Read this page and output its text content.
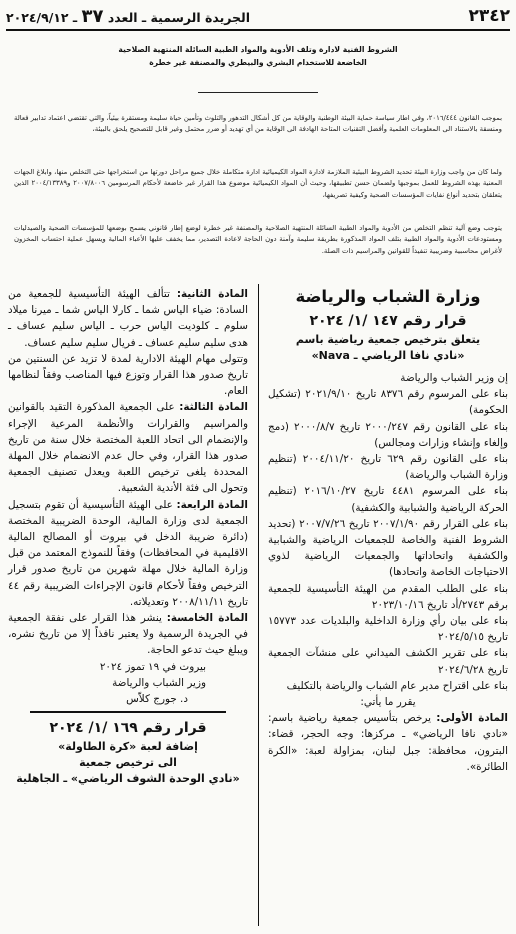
٢٣٤٢
الجريدة الرسمية ـ العدد ٣٧ ـ ٢٠٢٤/٩/١٢
الشروط الفنية لادارة وتلف الأدوية والمواد الطبية السائلة المنتهية الصلاحية
الخاضعة للاستخدام البشري والبيطري والمصنفة غير خطرة

بموجب القانون ٢٠١٦/٤٤٤، وفي اطار سياسة حماية البيئة الوطنية والوقاية من كل أشكال التدهور والتلوث وتأمين حياة سليمة ومستقرة بيئياً، والتي تقتضي اعتماد تدابير فعالة ومنسقة بالاستناد الى المعلومات العلمية وأفضل التقنيات المتاحة الهادفة الى الوقاية من أي تهديد أو ضرر محتمل وغير قابل للتصحيح يلحق بالبيئة،

ولما كان من واجب وزارة البيئة تحديد الشروط البيئية الملازمة لادارة المواد الكيميائية ادارة متكاملة خلال جميع مراحل دورتها من استخراجها حتى التخلص منها، وابلاغ الجهات المعنية بهذه الشروط للعمل بموجبها ولضمان حسن تطبيقها، وحيث أن المواد الكيميائية موضوع هذا القرار غير خاضعة لأحكام المرسومين ٢٠٠٧/٨٠٠٦ و٢٠٠٤/١٣٣٨٩ الذين يتعلقان بتحديد أنواع نفايات المؤسسات الصحية وكيفية تصريفها،

يتوجب وضع آلية تنظم التخلص من الأدوية والمواد الطبية السائلة المنتهية الصلاحية والمصنفة غير خطرة لوضع إطار قانوني يسمح بوضعها للمؤسسات الصحية والصيدليات ومستودعات الأدوية والمواد الطبية بتلف المواد المذكورة بطريقة سليمة وآمنة دون الحاجة لاعادة التصدير، مما يخفف عليها الأعباء المالية ويسهل عملية احتساب المخزون لأغراض محاسبية وضريبية تنفيذاً للقوانين والمراسيم ذات الصلة.

وزارة الشباب والرياضة
قرار رقم ١٤٧ /١/ ٢٠٢٤
يتعلق بترخيص جمعية رياضية باسم
«نادي نافا الرياضي ـ Nava»

إن وزير الشباب والرياضة

بناء على المرسوم رقم ٨٣٧٦ تاريخ ٢٠٢١/٩/١٠ (تشكيل الحكومة)

بناء على القانون رقم ٢٠٠٠/٢٤٧ تاريخ ٢٠٠٠/٨/٧ (دمج وإلغاء وإنشاء وزارات ومجالس)

بناء على القانون رقم ٦٢٩ تاريخ ٢٠٠٤/١١/٢٠ (تنظيم وزارة الشباب والرياضة)

بناء على المرسوم ٤٤٨١ تاريخ ٢٠١٦/١٠/٢٧ (تنظيم الحركة الرياضية والشبابية والكشفية)

بناء على القرار رقم ٢٠٠٧/١/٩٠ تاريخ ٢٠٠٧/٧/٢٦ (تحديد الشروط الفنية والخاصة للجمعيات الرياضية والشبابية والكشفية واتحاداتها والجمعيات الرياضية لذوي الاحتياجات الخاصة واتحادها)

بناء على الطلب المقدم من الهيئة التأسيسية للجمعية برقم ٢٧٤٣/أد تاريخ ٢٠٢٣/١٠/١٦

بناء على بيان رأي وزارة الداخلية والبلديات عدد ١٥٧٧٣ تاريخ ٢٠٢٤/٥/١٥

بناء على تقرير الكشف الميداني على منشآت الجمعية تاريخ ٢٠٢٤/٦/٢٨

بناء على اقتراح مدير عام الشباب والرياضة بالتكليف

يقرر ما يأتي:

المادة الأولى: يرخص بتأسيس جمعية رياضية باسم: «نادي نافا الرياضي» ـ مركزها: وجه الحجر، قضاء: البترون، محافظة: جبل لبنان، بمزاولة لعبة: «الكرة الطائرة».

المادة الثانية: تتألف الهيئة التأسيسية للجمعية من السادة: ضياء الياس شما ـ كارلا الياس شما ـ ميرنا ميلاد سلوم ـ كلوديت الياس حرب ـ الياس سليم عساف ـ هدى سليم سليم عساف ـ فريال سليم سليم عساف.

وتتولى مهام الهيئة الادارية لمدة لا تزيد عن السنتين من تاريخ صدور هذا القرار وتوزع فيها المناصب وفقاً لنظامها العام.

المادة الثالثة: على الجمعية المذكورة التقيد بالقوانين والمراسيم والقرارات والأنظمة المرعية الإجراء والإنضمام الى اتحاد اللعبة المختصة خلال سنة من تاريخ صدور هذا القرار، وفي حال عدم الانضمام خلال المهلة المحددة يلغى ترخيص اللعبة ويعدل تصنيف الجمعية وتحول الى فئة الأندية الشعبية.

المادة الرابعة: على الهيئة التأسيسية أن تقوم بتسجيل الجمعية لدى وزارة المالية، الوحدة الضريبية المختصة (دائرة ضريبة الدخل في بيروت أو المصالح المالية الاقليمية في المحافظات) وفقاً للنموذج المعتمد من قبل وزارة المالية خلال مهلة شهرين من تاريخ صدور قرار الترخيص وفقاً لأحكام قانون الإجراءات الضريبية رقم ٤٤ تاريخ ٢٠٠٨/١١/١١ وتعديلاته.

المادة الخامسة: ينشر هذا القرار على نفقة الجمعية في الجريدة الرسمية ولا يعتبر نافذاً إلا من تاريخ نشره، ويبلغ حيث تدعو الحاجة.

بيروت في ١٩ تموز ٢٠٢٤

وزير الشباب والرياضة

د. جورج كلاّس

قرار رقم ١٦٩ /١/ ٢٠٢٤
إضافة لعبة «كرة الطاولة»
الى ترخيص جمعية
«نادي الوحدة الشوف الرياضي» ـ الجاهلية
